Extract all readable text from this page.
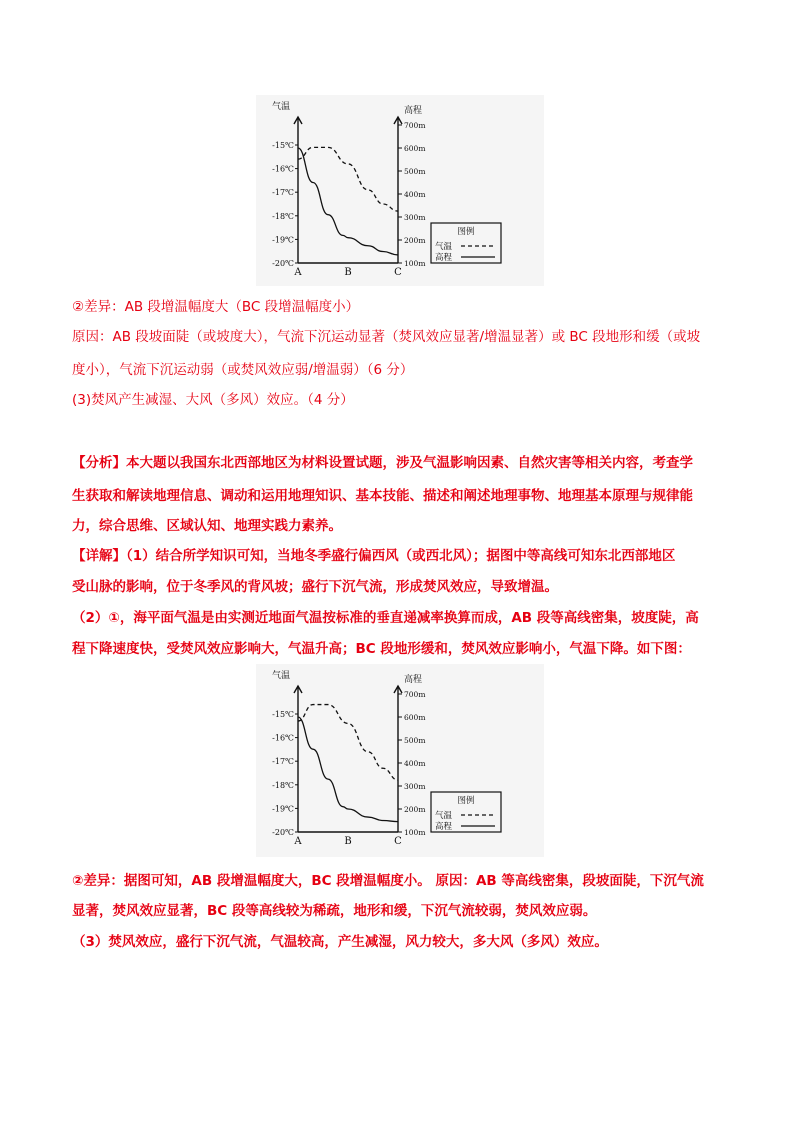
气温	高程
-15℃
-16℃
-17℃
-18℃
-19℃
-20℃
700m
600m
500m
400m
300m
200m
100m
A	B	C
图例
气温
高程
②差异：AB 段增温幅度大（BC 段增温幅度小）
原因：AB 段坡面陡（或坡度大），气流下沉运动显著（焚风效应显著/增温显著）或 BC 段地形和缓（或坡
度小），气流下沉运动弱（或焚风效应弱/增温弱）（6 分）
(3)焚风产生减湿、大风（多风）效应。（4 分）
【分析】本大题以我国东北西部地区为材料设置试题，涉及气温影响因素、自然灾害等相关内容，考查学
生获取和解读地理信息、调动和运用地理知识、基本技能、描述和阐述地理事物、地理基本原理与规律能
力，综合思维、区域认知、地理实践力素养。
【详解】（1）结合所学知识可知，当地冬季盛行偏西风（或西北风）；据图中等高线可知东北西部地区
受山脉的影响，位于冬季风的背风坡；盛行下沉气流，形成焚风效应，导致增温。
（2）①，海平面气温是由实测近地面气温按标准的垂直递减率换算而成，AB 段等高线密集，坡度陡，高
程下降速度快，受焚风效应影响大，气温升高；BC 段地形缓和，焚风效应影响小，气温下降。如下图：
气温	高程
-15℃
-16℃
-17℃
-18℃
-19℃
-20℃
700m
600m
500m
400m
300m
200m
100m
A	B	C
图例
气温
高程
②差异：据图可知，AB 段增温幅度大，BC 段增温幅度小。 原因：AB 等高线密集，段坡面陡，下沉气流
显著，焚风效应显著，BC 段等高线较为稀疏，地形和缓，下沉气流较弱，焚风效应弱。
（3）焚风效应，盛行下沉气流，气温较高，产生减湿，风力较大，多大风（多风）效应。
